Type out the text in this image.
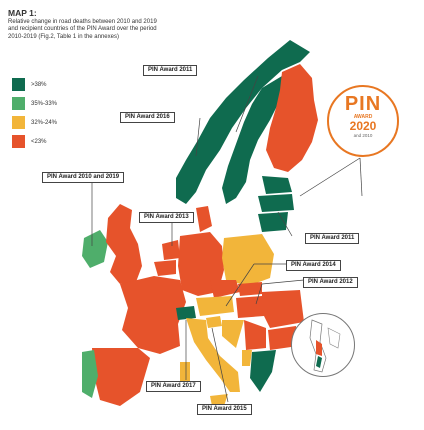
MAP 1:
Relative change in road deaths between 2010 and 2019 and recipient countries of the PIN Award over the period 2010-2019 (Fig.2, Table 1 in the annexes)
>38%
35%-33%
32%-24%
<23%
PIN Award 2011
PIN Award 2016
PIN Award 2010 and 2019
PIN Award 2013
PIN Award 2011
PIN Award 2014
PIN Award 2012
PIN Award 2017
PIN Award 2015
PIN
AWARD
2020
and 2010
